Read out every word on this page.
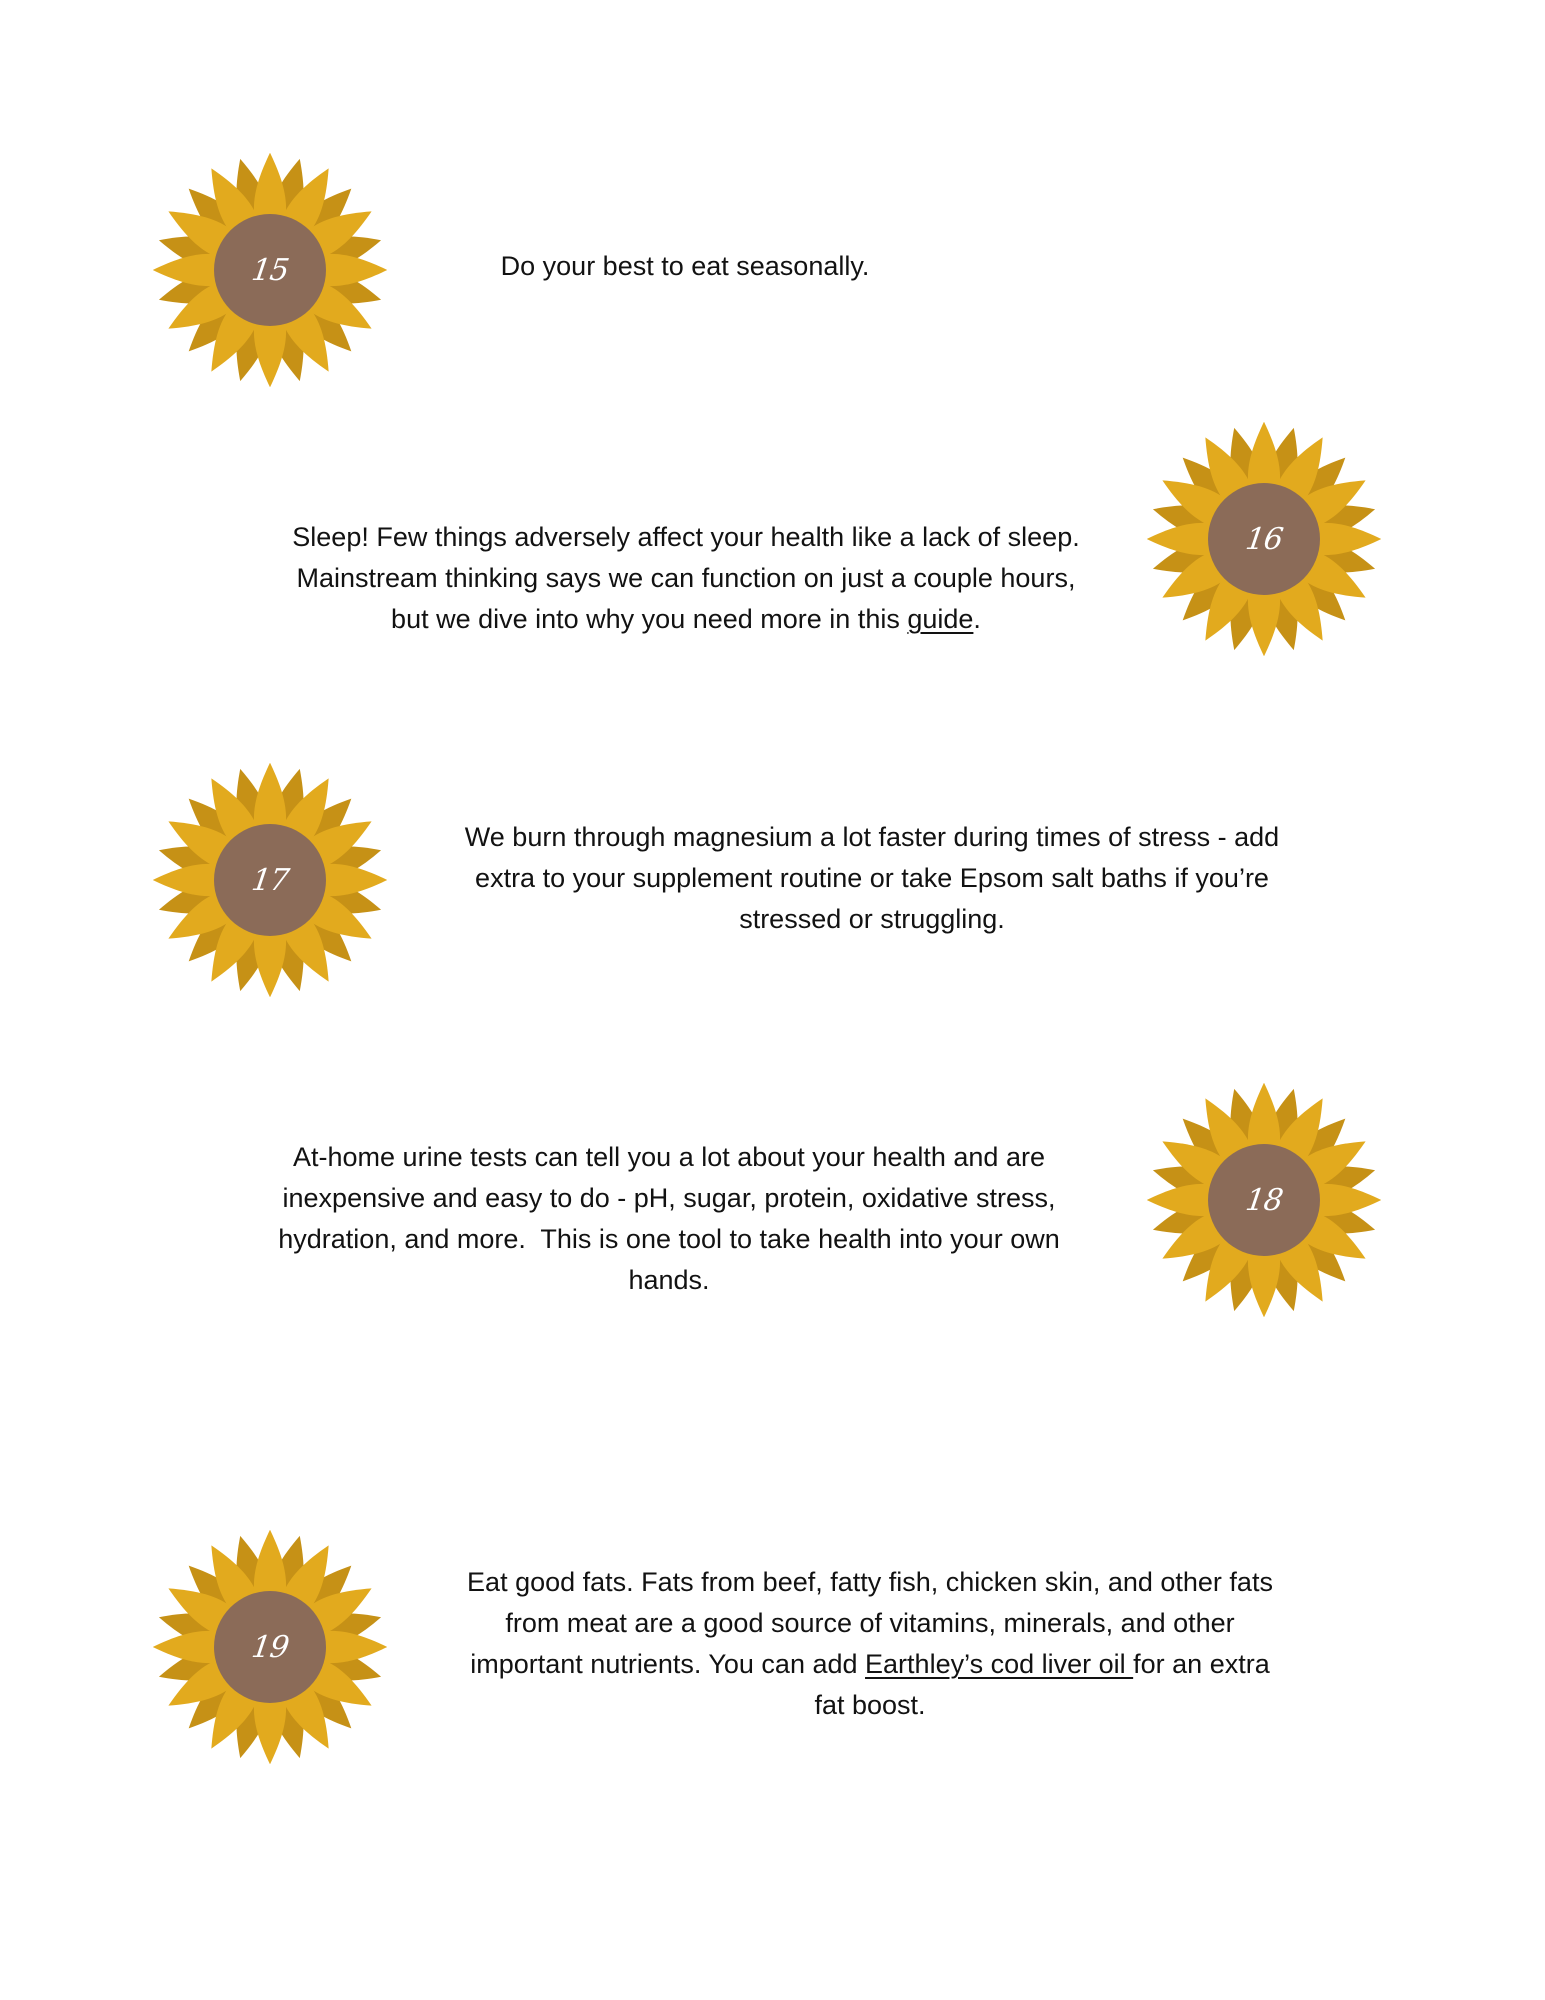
15	Do your best to eat seasonally.

16

Sleep! Few things adversely affect your health like a lack of sleep.
Mainstream thinking says we can function on just a couple hours,
but we dive into why you need more in this guide.

17

We burn through magnesium a lot faster during times of stress - add
extra to your supplement routine or take Epsom salt baths if you’re
stressed or struggling.

18

At-home urine tests can tell you a lot about your health and are
inexpensive and easy to do - pH, sugar, protein, oxidative stress,
hydration, and more.  This is one tool to take health into your own
hands.

19

Eat good fats. Fats from beef, fatty fish, chicken skin, and other fats
from meat are a good source of vitamins, minerals, and other
important nutrients. You can add Earthley’s cod liver oil for an extra
fat boost.
